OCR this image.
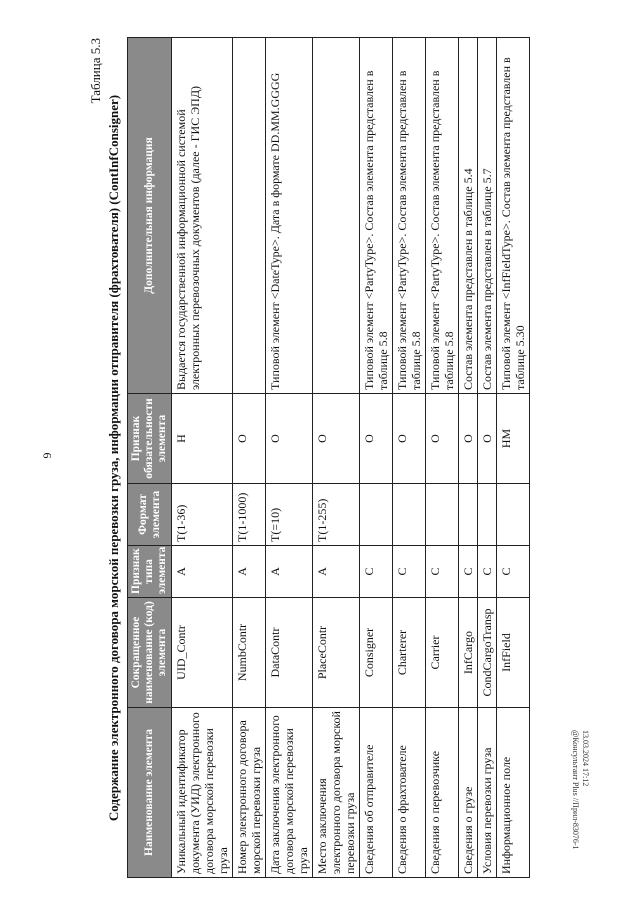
6
13.03.2024 17:12
@Консультант Plus //Прил-83076-1
Таблица 5.3
Содержание электронного договора морской перевозки груза, информации отправителя (фрахтователя) (ContInfConsigner) Наименование элемента	Сокращенное наименование (код) элемента	Признак типа элемента	Формат элемента	Признак обязательности элемента	Дополнительная информация
Уникальный идентификатор документа (УИД) электронного договора морской перевозки груза	UID_Contr	А	T(1-36)	Н	Выдается государственной информационной системой электронных перевозочных документов (далее - ГИС ЭПД)
Номер электронного договора морской перевозки груза	NumbContr	А	T(1-1000)	О	
Дата заключения электронного договора морской перевозки груза	DataContr	А	T(=10)	О	Типовой элемент <DateType>. Дата в формате DD.MM.GGGG
Место заключения электронного договора морской перевозки груза	PlaceContr	А	T(1-255)	О	
Сведения об отправителе	Consigner	С		О	Типовой элемент <PartyType>. Состав элемента представлен в таблице 5.8
Сведения о фрахтователе	Charterer	С		О	Типовой элемент <PartyType>. Состав элемента представлен в таблице 5.8
Сведения о перевозчике	Carrier	С		О	Типовой элемент <PartyType>. Состав элемента представлен в таблице 5.8
Сведения о грузе	InfCargo	С		О	Состав элемента представлен в таблице 5.4
Условия перевозки груза	CondCargoTransp	С		О	Состав элемента представлен в таблице 5.7
Информационное поле	InfField	С		НМ	Типовой элемент <InfFieldType>. Состав элемента представлен в таблице 5.30
